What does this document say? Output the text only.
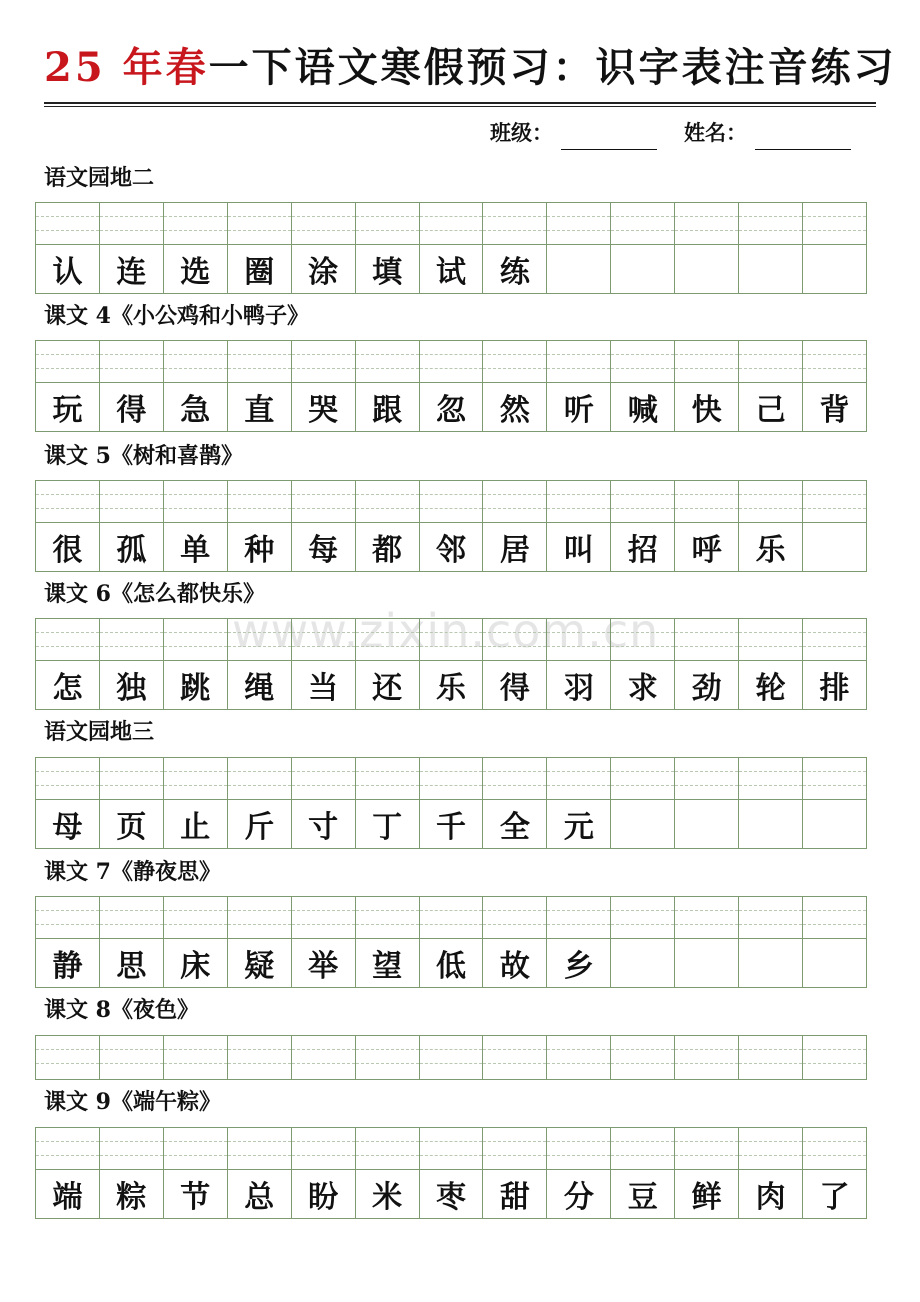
25 年春一下语文寒假预习：识字表注音练习
班级：	姓名：
www.zixin.com.cn
语文园地二
认	连	选	圈	涂	填	试	练
课文 4《小公鸡和小鸭子》
玩	得	急	直	哭	跟	忽	然	听	喊	快	己	背
课文 5《树和喜鹊》
很	孤	单	种	每	都	邻	居	叫	招	呼	乐
课文 6《怎么都快乐》
怎	独	跳	绳	当	还	乐	得	羽	求	劲	轮	排
语文园地三
母	页	止	斤	寸	丁	千	全	元
课文 7《静夜思》
静	思	床	疑	举	望	低	故	乡
课文 8《夜色》
课文 9《端午粽》
端	粽	节	总	盼	米	枣	甜	分	豆	鲜	肉	了
